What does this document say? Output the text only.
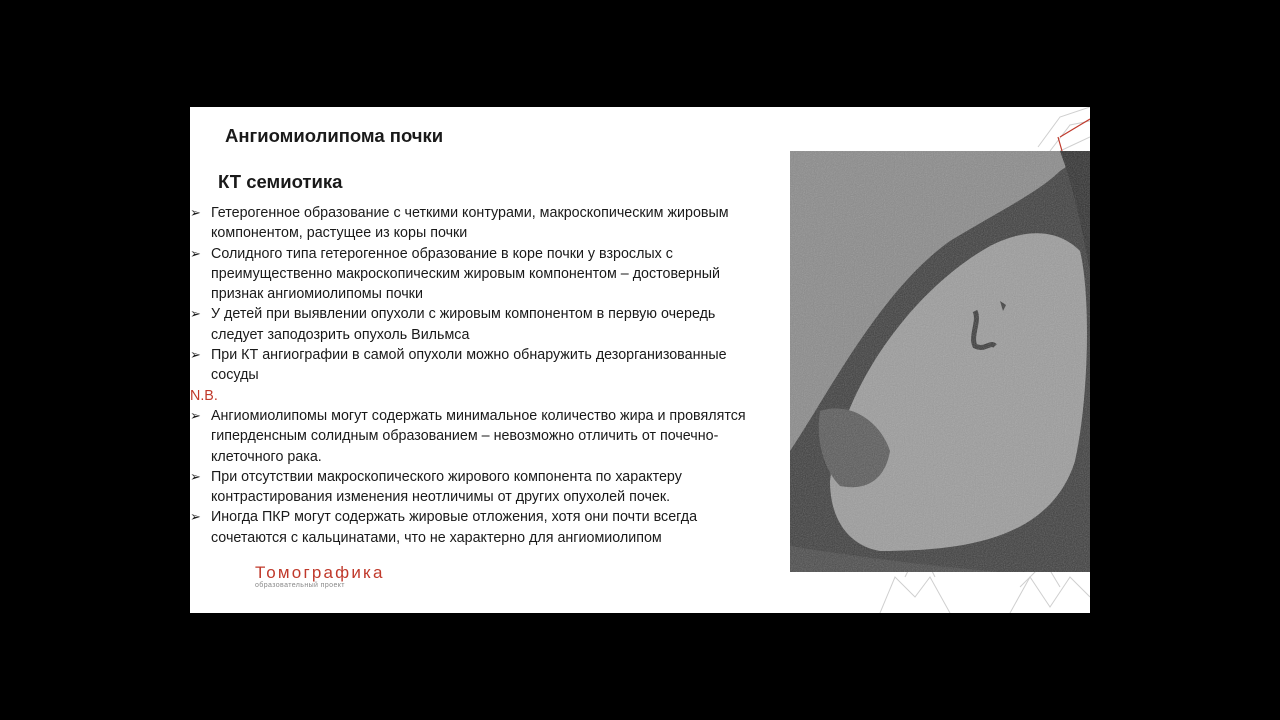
Ангиомиолипома почки
КТ семиотика
➢ Гетерогенное образование с четкими контурами, макроскопическим жировым
компонентом, растущее из коры почки
➢ Солидного типа гетерогенное образование в коре почки у взрослых с
преимущественно макроскопическим жировым компонентом – достоверный
признак ангиомиолипомы почки
➢ У детей при выявлении опухоли с жировым компонентом в первую очередь
следует заподозрить опухоль Вильмса
➢ При КТ ангиографии в самой опухоли можно обнаружить дезорганизованные
сосуды
N.B.
➢ Ангиомиолипомы могут содержать минимальное количество жира и провялятся
гиперденсным солидным образованием – невозможно отличить от почечно-
клеточного рака.
➢ При отсутствии макроскопического жирового компонента по характеру
контрастирования изменения неотличимы от других опухолей почек.
➢ Иногда ПКР могут содержать жировые отложения, хотя они почти всегда
сочетаются с кальцинатами, что не характерно для ангиомиолипом
Томографика
образовательный проект
